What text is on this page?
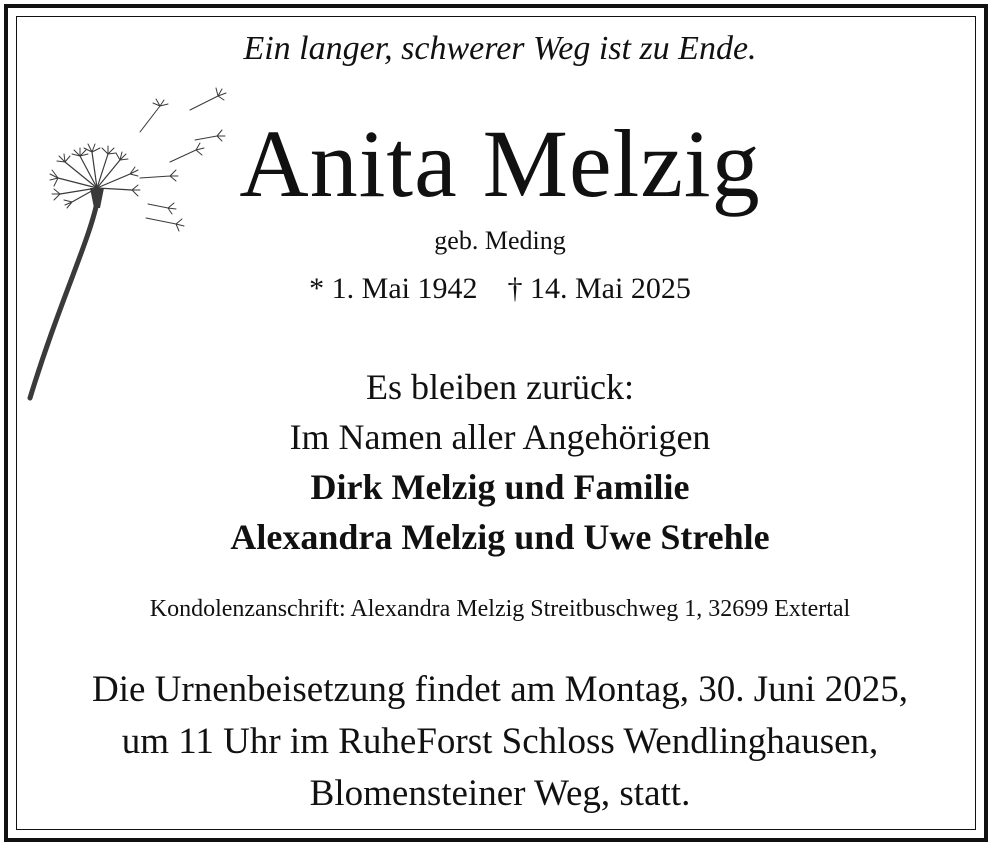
Ein langer, schwerer Weg ist zu Ende.
Anita Melzig
geb. Meding
* 1. Mai 1942 † 14. Mai 2025
Es bleiben zurück:
Im Namen aller Angehörigen
Dirk Melzig und Familie
Alexandra Melzig und Uwe Strehle
Kondolenzanschrift: Alexandra Melzig Streitbuschweg 1, 32699 Extertal
Die Urnenbeisetzung findet am Montag, 30. Juni 2025,
um 11 Uhr im RuheForst Schloss Wendlinghausen,
Blomensteiner Weg, statt.
